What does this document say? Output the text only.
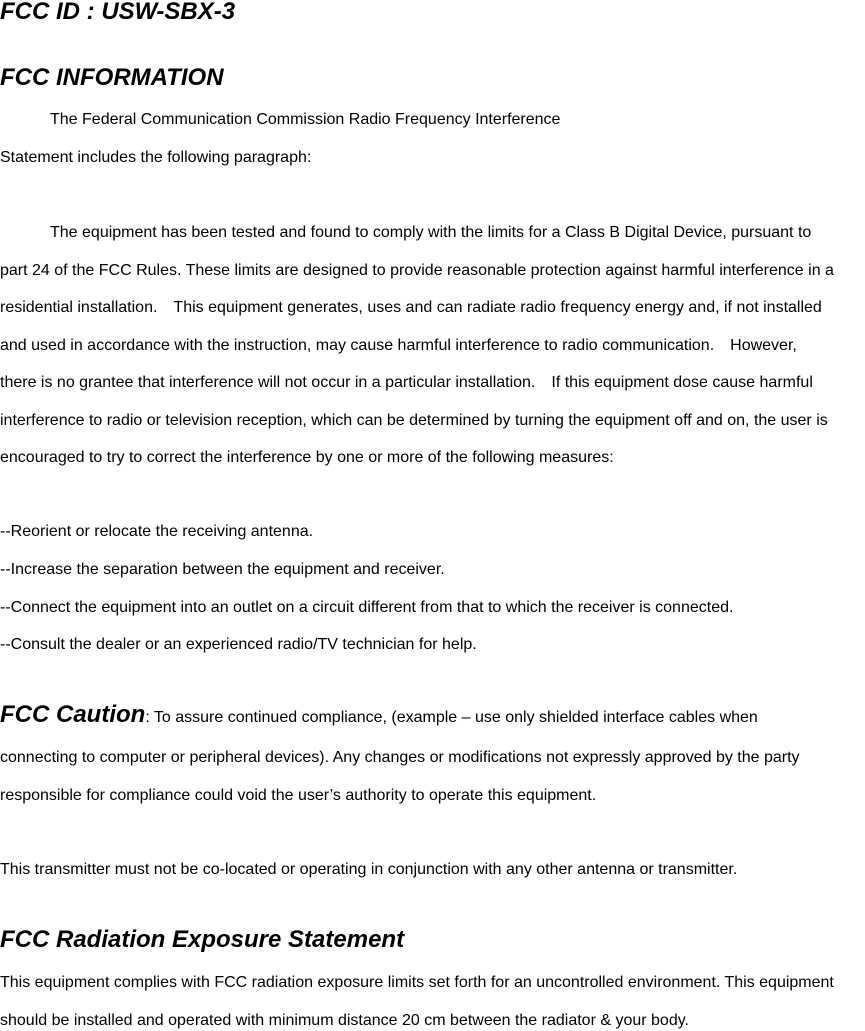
FCC ID : USW-SBX-3
FCC INFORMATION
The Federal Communication Commission Radio Frequency Interference
Statement includes the following paragraph:
The equipment has been tested and found to comply with the limits for a Class B Digital Device, pursuant to
part 24 of the FCC Rules. These limits are designed to provide reasonable protection against harmful interference in a
residential installation.　This equipment generates, uses and can radiate radio frequency energy and, if not installed
and used in accordance with the instruction, may cause harmful interference to radio communication.　However,
there is no grantee that interference will not occur in a particular installation.　If this equipment dose cause harmful
interference to radio or television reception, which can be determined by turning the equipment off and on, the user is
encouraged to try to correct the interference by one or more of the following measures:
--Reorient or relocate the receiving antenna.
--Increase the separation between the equipment and receiver.
--Connect the equipment into an outlet on a circuit different from that to which the receiver is connected.
--Consult the dealer or an experienced radio/TV technician for help.
FCC Caution: To assure continued compliance, (example – use only shielded interface cables when
connecting to computer or peripheral devices). Any changes or modifications not expressly approved by the party
responsible for compliance could void the user’s authority to operate this equipment.
This transmitter must not be co-located or operating in conjunction with any other antenna or transmitter.
FCC Radiation Exposure Statement
This equipment complies with FCC radiation exposure limits set forth for an uncontrolled environment. This equipment
should be installed and operated with minimum distance 20 cm between the radiator & your body.
